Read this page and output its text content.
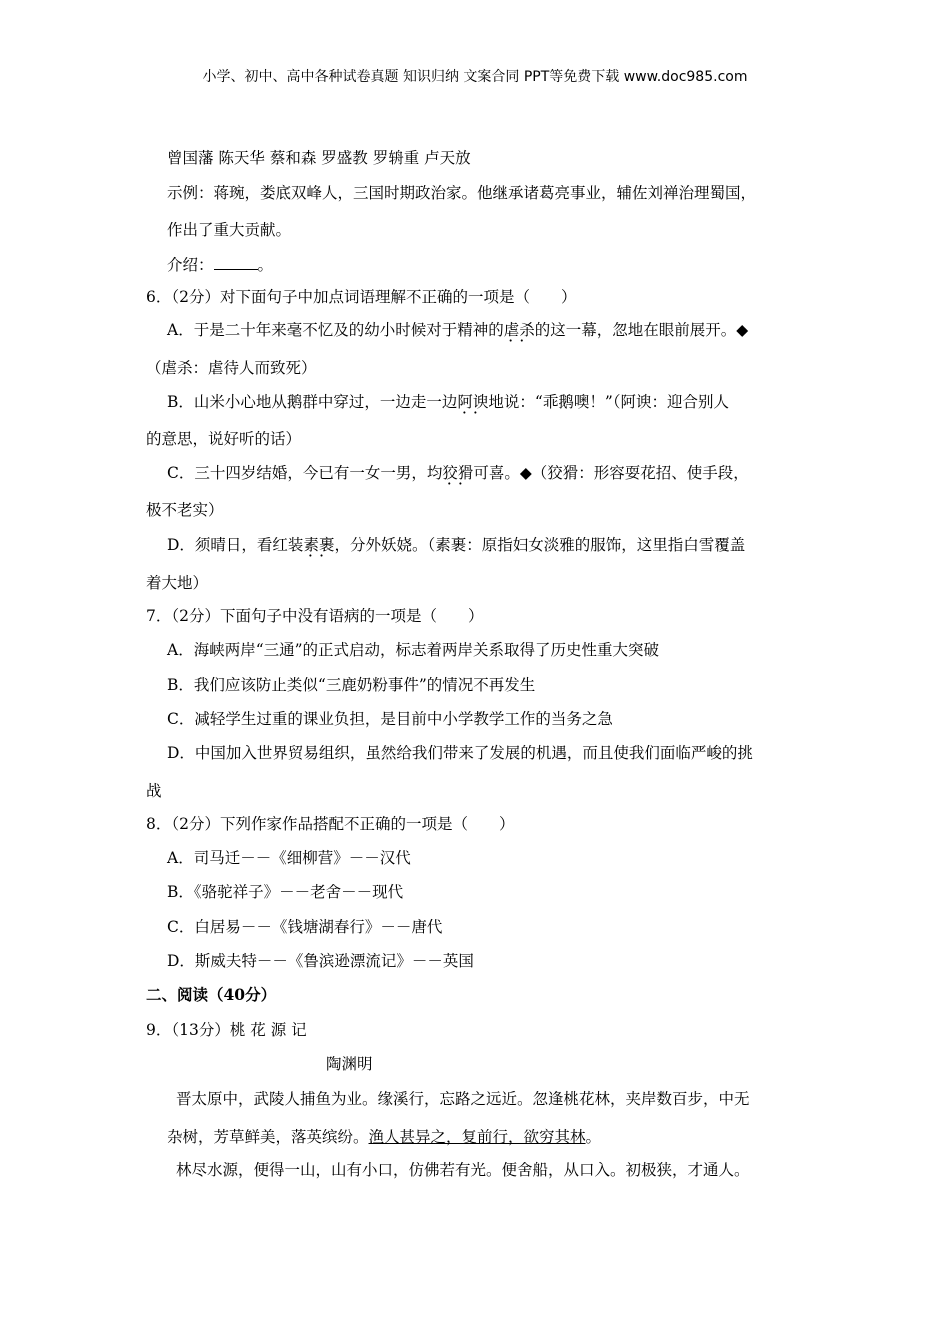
小学、初中、高中各种试卷真题 知识归纳 文案合同 PPT等免费下载 www.doc985.com
曾国藩 陈天华 蔡和森 罗盛教 罗辀重 卢天放
示例：蒋琬，娄底双峰人，三国时期政治家。他继承诸葛亮事业，辅佐刘禅治理蜀国，
作出了重大贡献。
介绍：	。
6．（2分）对下面句子中加点词语理解不正确的一项是（　　）
A．于是二十年来毫不忆及的幼小时候对于精神的虐杀 ··的这一幕，忽地在眼前展开。◆
（虐杀：虐待人而致死）
B．山米小心地从鹅群中穿过，一边走一边阿谀 ··地说：“乖鹅噢！”（阿谀：迎合别人
的意思，说好听的话）
C．三十四岁结婚，今已有一女一男，均狡猾 ··可喜。◆（狡猾：形容耍花招、使手段，
极不老实）
D．须晴日，看红装素裹 ··，分外妖娆。（素裹：原指妇女淡雅的服饰，这里指白雪覆盖
着大地）
7．（2分）下面句子中没有语病的一项是（　　）
A．海峡两岸“三通”的正式启动，标志着两岸关系取得了历史性重大突破
B．我们应该防止类似“三鹿奶粉事件”的情况不再发生
C．减轻学生过重的课业负担，是目前中小学教学工作的当务之急
D．中国加入世界贸易组织，虽然给我们带来了发展的机遇，而且使我们面临严峻的挑
战
8．（2分）下列作家作品搭配不正确的一项是（　　）
A．司马迁－－《细柳营》－－汉代
B．《骆驼祥子》－－老舍－－现代
C．白居易－－《钱塘湖春行》－－唐代
D．斯威夫特－－《鲁滨逊漂流记》－－英国
二、阅读（40分）
9．（13分）桃 花 源 记
陶渊明
晋太原中，武陵人捕鱼为业。缘溪行，忘路之远近。忽逢桃花林，夹岸数百步，中无
杂树，芳草鲜美，落英缤纷。渔人甚异之，复前行，欲穷其林。
林尽水源，便得一山，山有小口，仿佛若有光。便舍船，从口入。初极狭，才通人。
